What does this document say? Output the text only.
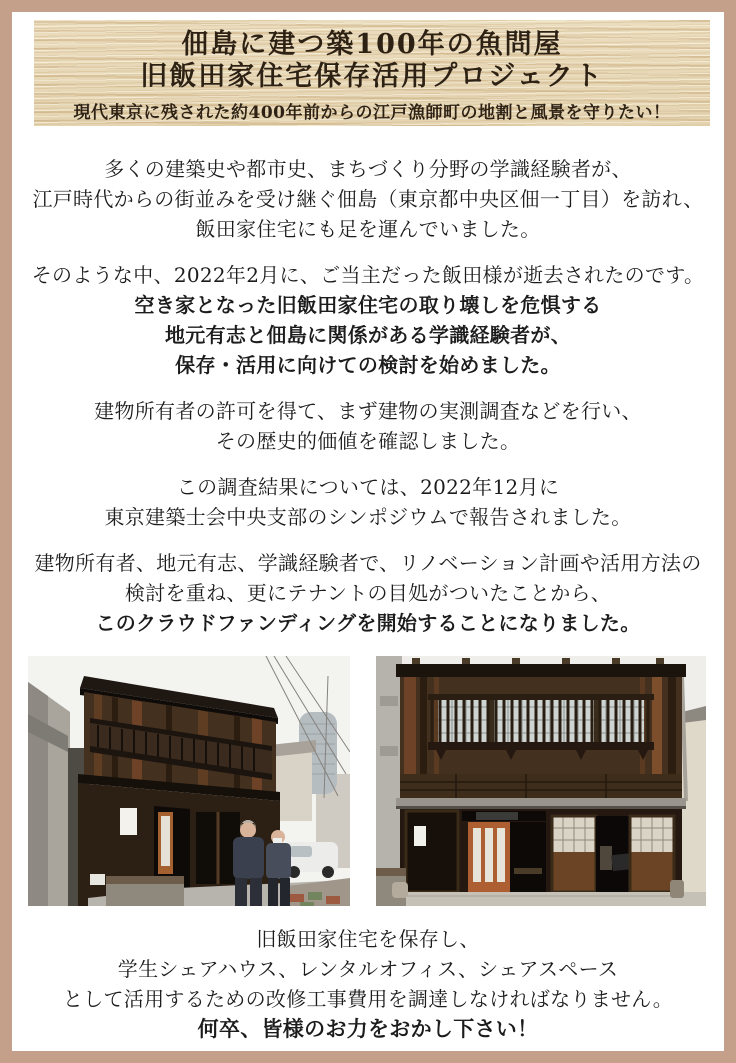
佃島に建つ築100年の魚問屋
旧飯田家住宅保存活用プロジェクト
現代東京に残された約400年前からの江戸漁師町の地割と風景を守りたい！

多くの建築史や都市史、まちづくり分野の学識経験者が、
江戸時代からの街並みを受け継ぐ佃島（東京都中央区佃一丁目）を訪れ、
飯田家住宅にも足を運んでいました。

そのような中、2022年2月に、ご当主だった飯田様が逝去されたのです。
空き家となった旧飯田家住宅の取り壊しを危惧する
地元有志と佃島に関係がある学識経験者が、
保存・活用に向けての検討を始めました。

建物所有者の許可を得て、まず建物の実測調査などを行い、
その歴史的価値を確認しました。

この調査結果については、2022年12月に
東京建築士会中央支部のシンポジウムで報告されました。

建物所有者、地元有志、学識経験者で、リノベーション計画や活用方法の
検討を重ね、更にテナントの目処がついたことから、
このクラウドファンディングを開始することになりました。

旧飯田家住宅を保存し、
学生シェアハウス、レンタルオフィス、シェアスペース
として活用するための改修工事費用を調達しなければなりません。
何卒、皆様のお力をおかし下さい！
